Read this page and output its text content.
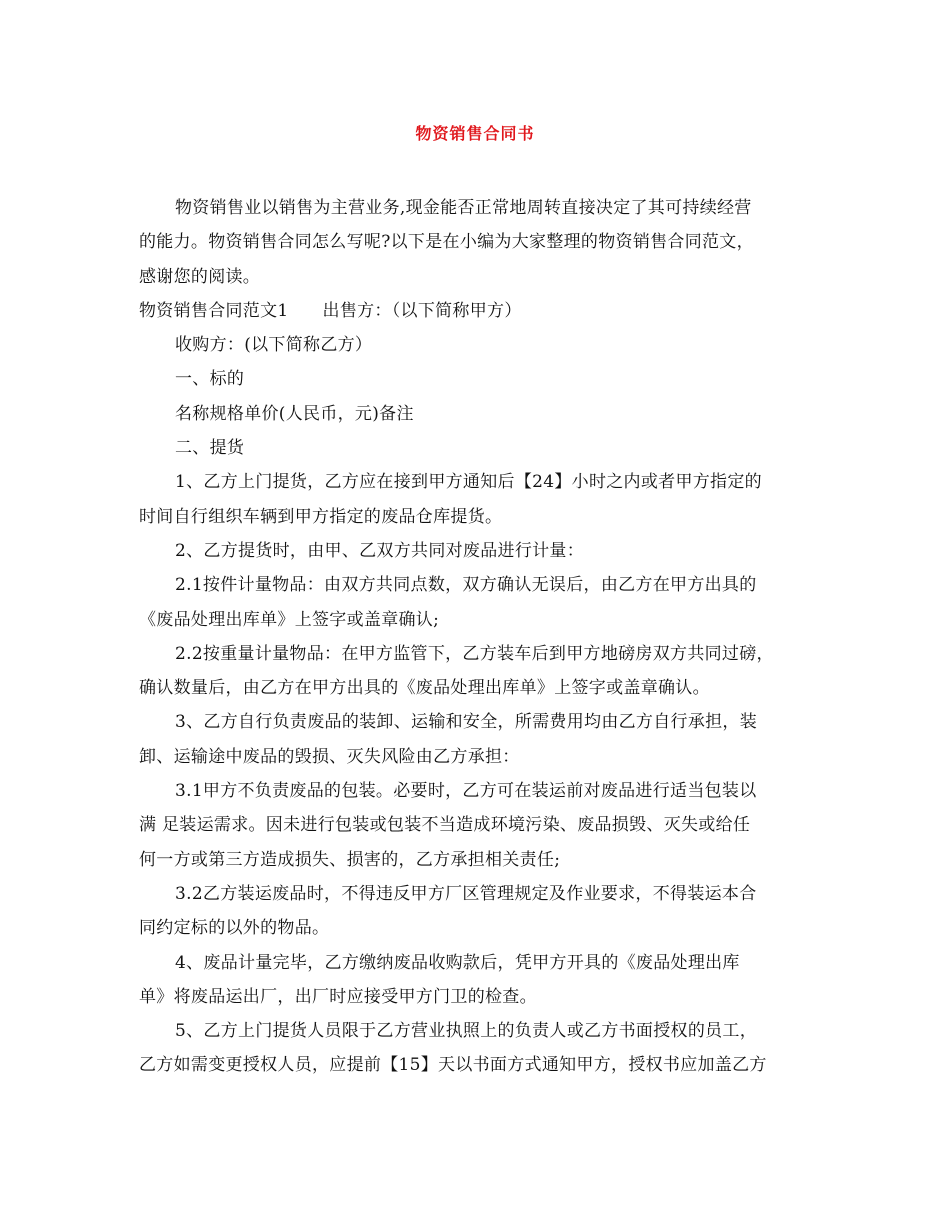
物资销售合同书
物资销售业以销售为主营业务,现金能否正常地周转直接决定了其可持续经营
的能力。物资销售合同怎么写呢?以下是在小编为大家整理的物资销售合同范文，
感谢您的阅读。
物资销售合同范文1 出售方：（以下简称甲方）
收购方：(以下简称乙方）
一、标的
名称规格单价(人民币，元)备注
二、提货
1、乙方上门提货，乙方应在接到甲方通知后【24】小时之内或者甲方指定的
时间自行组织车辆到甲方指定的废品仓库提货。
2、乙方提货时，由甲、乙双方共同对废品进行计量：
2.1按件计量物品：由双方共同点数，双方确认无误后，由乙方在甲方出具的
《废品处理出库单》上签字或盖章确认;
2.2按重量计量物品：在甲方监管下，乙方装车后到甲方地磅房双方共同过磅，
确认数量后，由乙方在甲方出具的《废品处理出库单》上签字或盖章确认。
3、乙方自行负责废品的装卸、运输和安全，所需费用均由乙方自行承担，装
卸、运输途中废品的毁损、灭失风险由乙方承担：
3.1甲方不负责废品的包装。必要时，乙方可在装运前对废品进行适当包装以
满 足装运需求。因未进行包装或包装不当造成环境污染、废品损毁、灭失或给任
何一方或第三方造成损失、损害的，乙方承担相关责任;
3.2乙方装运废品时，不得违反甲方厂区管理规定及作业要求，不得装运本合
同约定标的以外的物品。
4、废品计量完毕，乙方缴纳废品收购款后，凭甲方开具的《废品处理出库
单》将废品运出厂，出厂时应接受甲方门卫的检查。
5、乙方上门提货人员限于乙方营业执照上的负责人或乙方书面授权的员工，
乙方如需变更授权人员，应提前【15】天以书面方式通知甲方，授权书应加盖乙方
